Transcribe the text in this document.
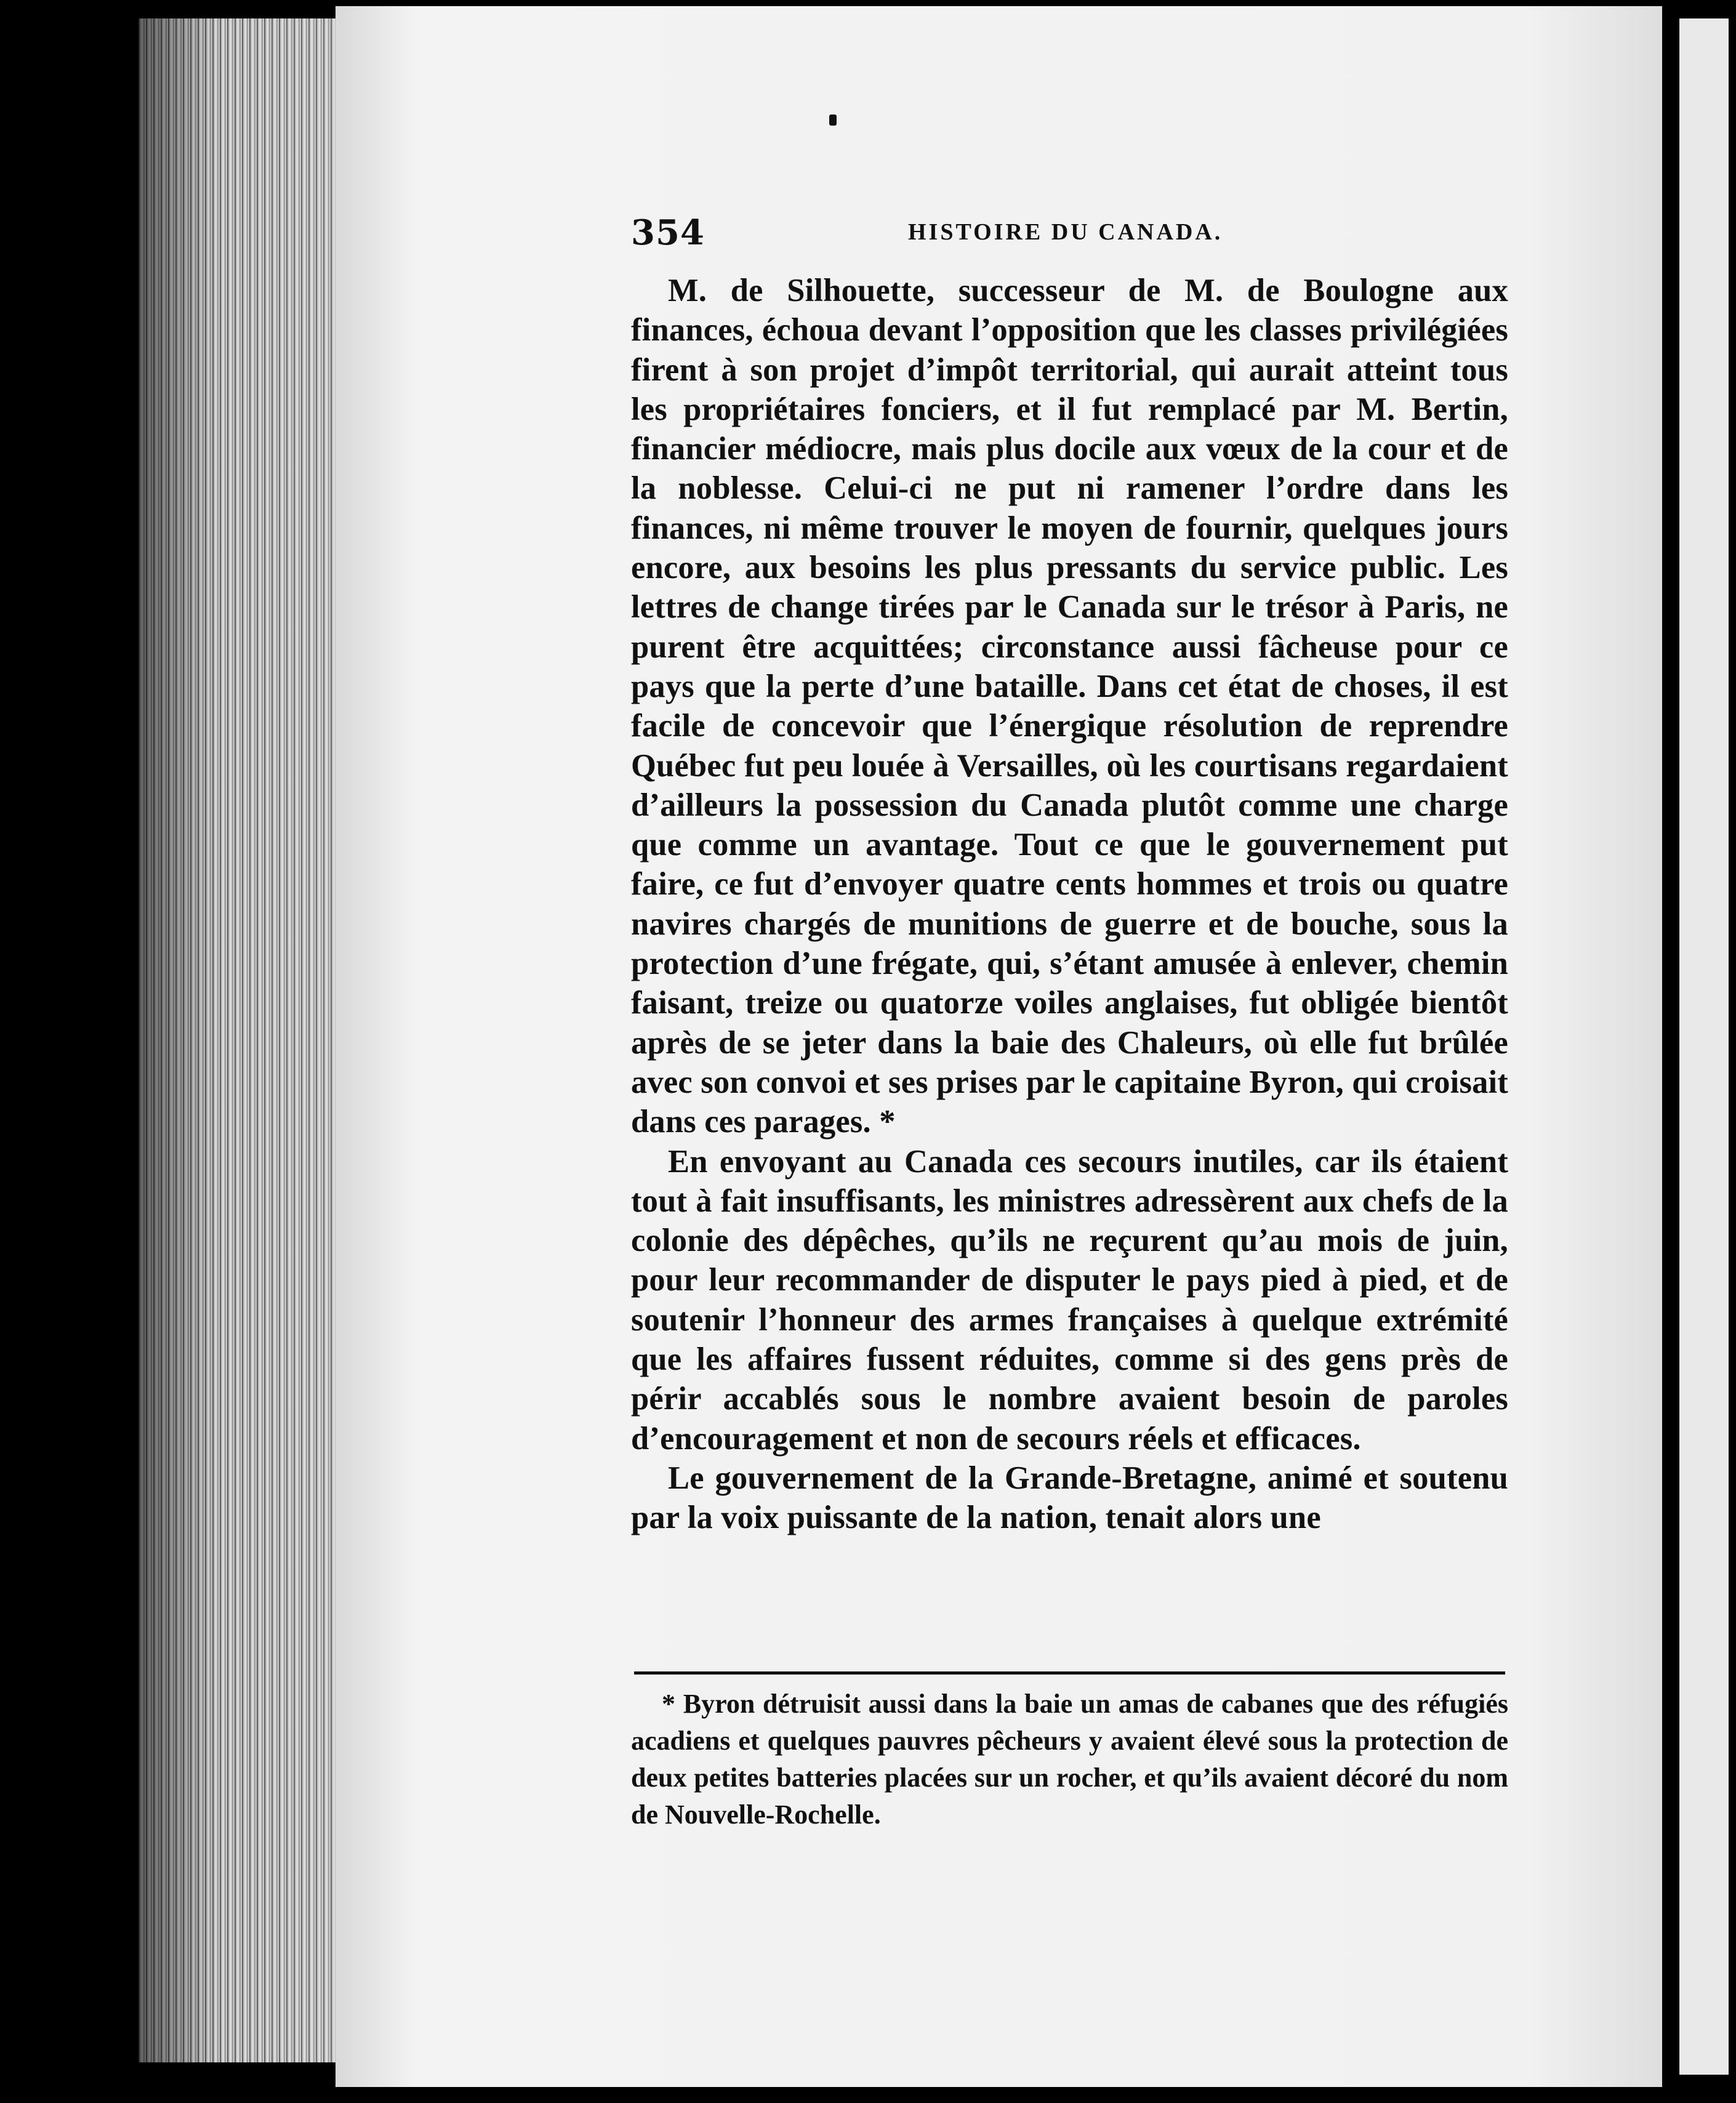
354	HISTOIRE DU CANADA.

M. de Silhouette, successeur de M. de Boulogne aux finances, échoua devant l’opposition que les classes privilégiées firent à son projet d’impôt territorial, qui aurait atteint tous les propriétaires fonciers, et il fut remplacé par M. Bertin, financier médiocre, mais plus docile aux vœux de la cour et de la noblesse. Celui-ci ne put ni ramener l’ordre dans les finances, ni même trouver le moyen de fournir, quelques jours encore, aux besoins les plus pressants du service public. Les lettres de change tirées par le Canada sur le trésor à Paris, ne purent être acquittées; circonstance aussi fâcheuse pour ce pays que la perte d’une bataille. Dans cet état de choses, il est facile de concevoir que l’énergique résolution de reprendre Québec fut peu louée à Versailles, où les courtisans regardaient d’ailleurs la possession du Canada plutôt comme une charge que comme un avantage. Tout ce que le gouvernement put faire, ce fut d’envoyer quatre cents hommes et trois ou quatre navires chargés de munitions de guerre et de bouche, sous la protection d’une frégate, qui, s’étant amusée à enlever, chemin faisant, treize ou quatorze voiles anglaises, fut obligée bientôt après de se jeter dans la baie des Chaleurs, où elle fut brûlée avec son convoi et ses prises par le capitaine Byron, qui croisait dans ces parages. *

En envoyant au Canada ces secours inutiles, car ils étaient tout à fait insuffisants, les ministres adressèrent aux chefs de la colonie des dépêches, qu’ils ne reçurent qu’au mois de juin, pour leur recommander de disputer le pays pied à pied, et de soutenir l’honneur des armes françaises à quelque extrémité que les affaires fussent réduites, comme si des gens près de périr accablés sous le nombre avaient besoin de paroles d’encouragement et non de secours réels et efficaces.

Le gouvernement de la Grande-Bretagne, animé et soutenu par la voix puissante de la nation, tenait alors une

* Byron détruisit aussi dans la baie un amas de cabanes que des réfugiés acadiens et quelques pauvres pêcheurs y avaient élevé sous la protection de deux petites batteries placées sur un rocher, et qu’ils avaient décoré du nom de Nouvelle-Rochelle.
